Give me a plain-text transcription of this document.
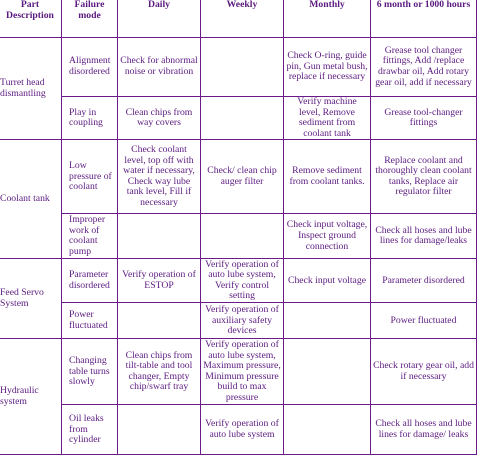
Part Description	Failure mode	Daily	Weekly	Monthly	6 month or 1000 hours
Turret head dismantling	Alignment disordered	Check for abnormal noise or vibration		Check O-ring, guide pin, Gun metal bush, replace if necessary	Grease tool changer fittings, Add /replace drawbar oil, Add rotary gear oil, add if necessary
	Play in coupling	Clean chips from way covers		Verify machine level, Remove sediment from coolant tank	Grease tool-changer fittings
Coolant tank	Low pressure of coolant	Check coolant level, top off with water if necessary, Check way lube tank level, Fill if necessary	Check/ clean chip auger filter	Remove sediment from coolant tanks.	Replace coolant and thoroughly clean coolant tanks, Replace air regulator filter
	Improper work of coolant pump			Check input voltage, Inspect ground connection	Check all hoses and lube lines for damage/leaks
Feed Servo System	Parameter disordered	Verify operation of ESTOP	Verify operation of auto lube system, Verify control setting	Check input voltage	Parameter disordered
	Power fluctuated		Verify operation of auxiliary safety devices		Power fluctuated
Hydraulic system	Changing table turns slowly	Clean chips from tilt-table and tool changer, Empty chip/swarf tray	Verify operation of auto lube system, Maximum pressure, Minimum pressure build to max pressure		Check rotary gear oil, add if necessary
	Oil leaks from cylinder		Verify operation of auto lube system		Check all hoses and lube lines for damage/ leaks
